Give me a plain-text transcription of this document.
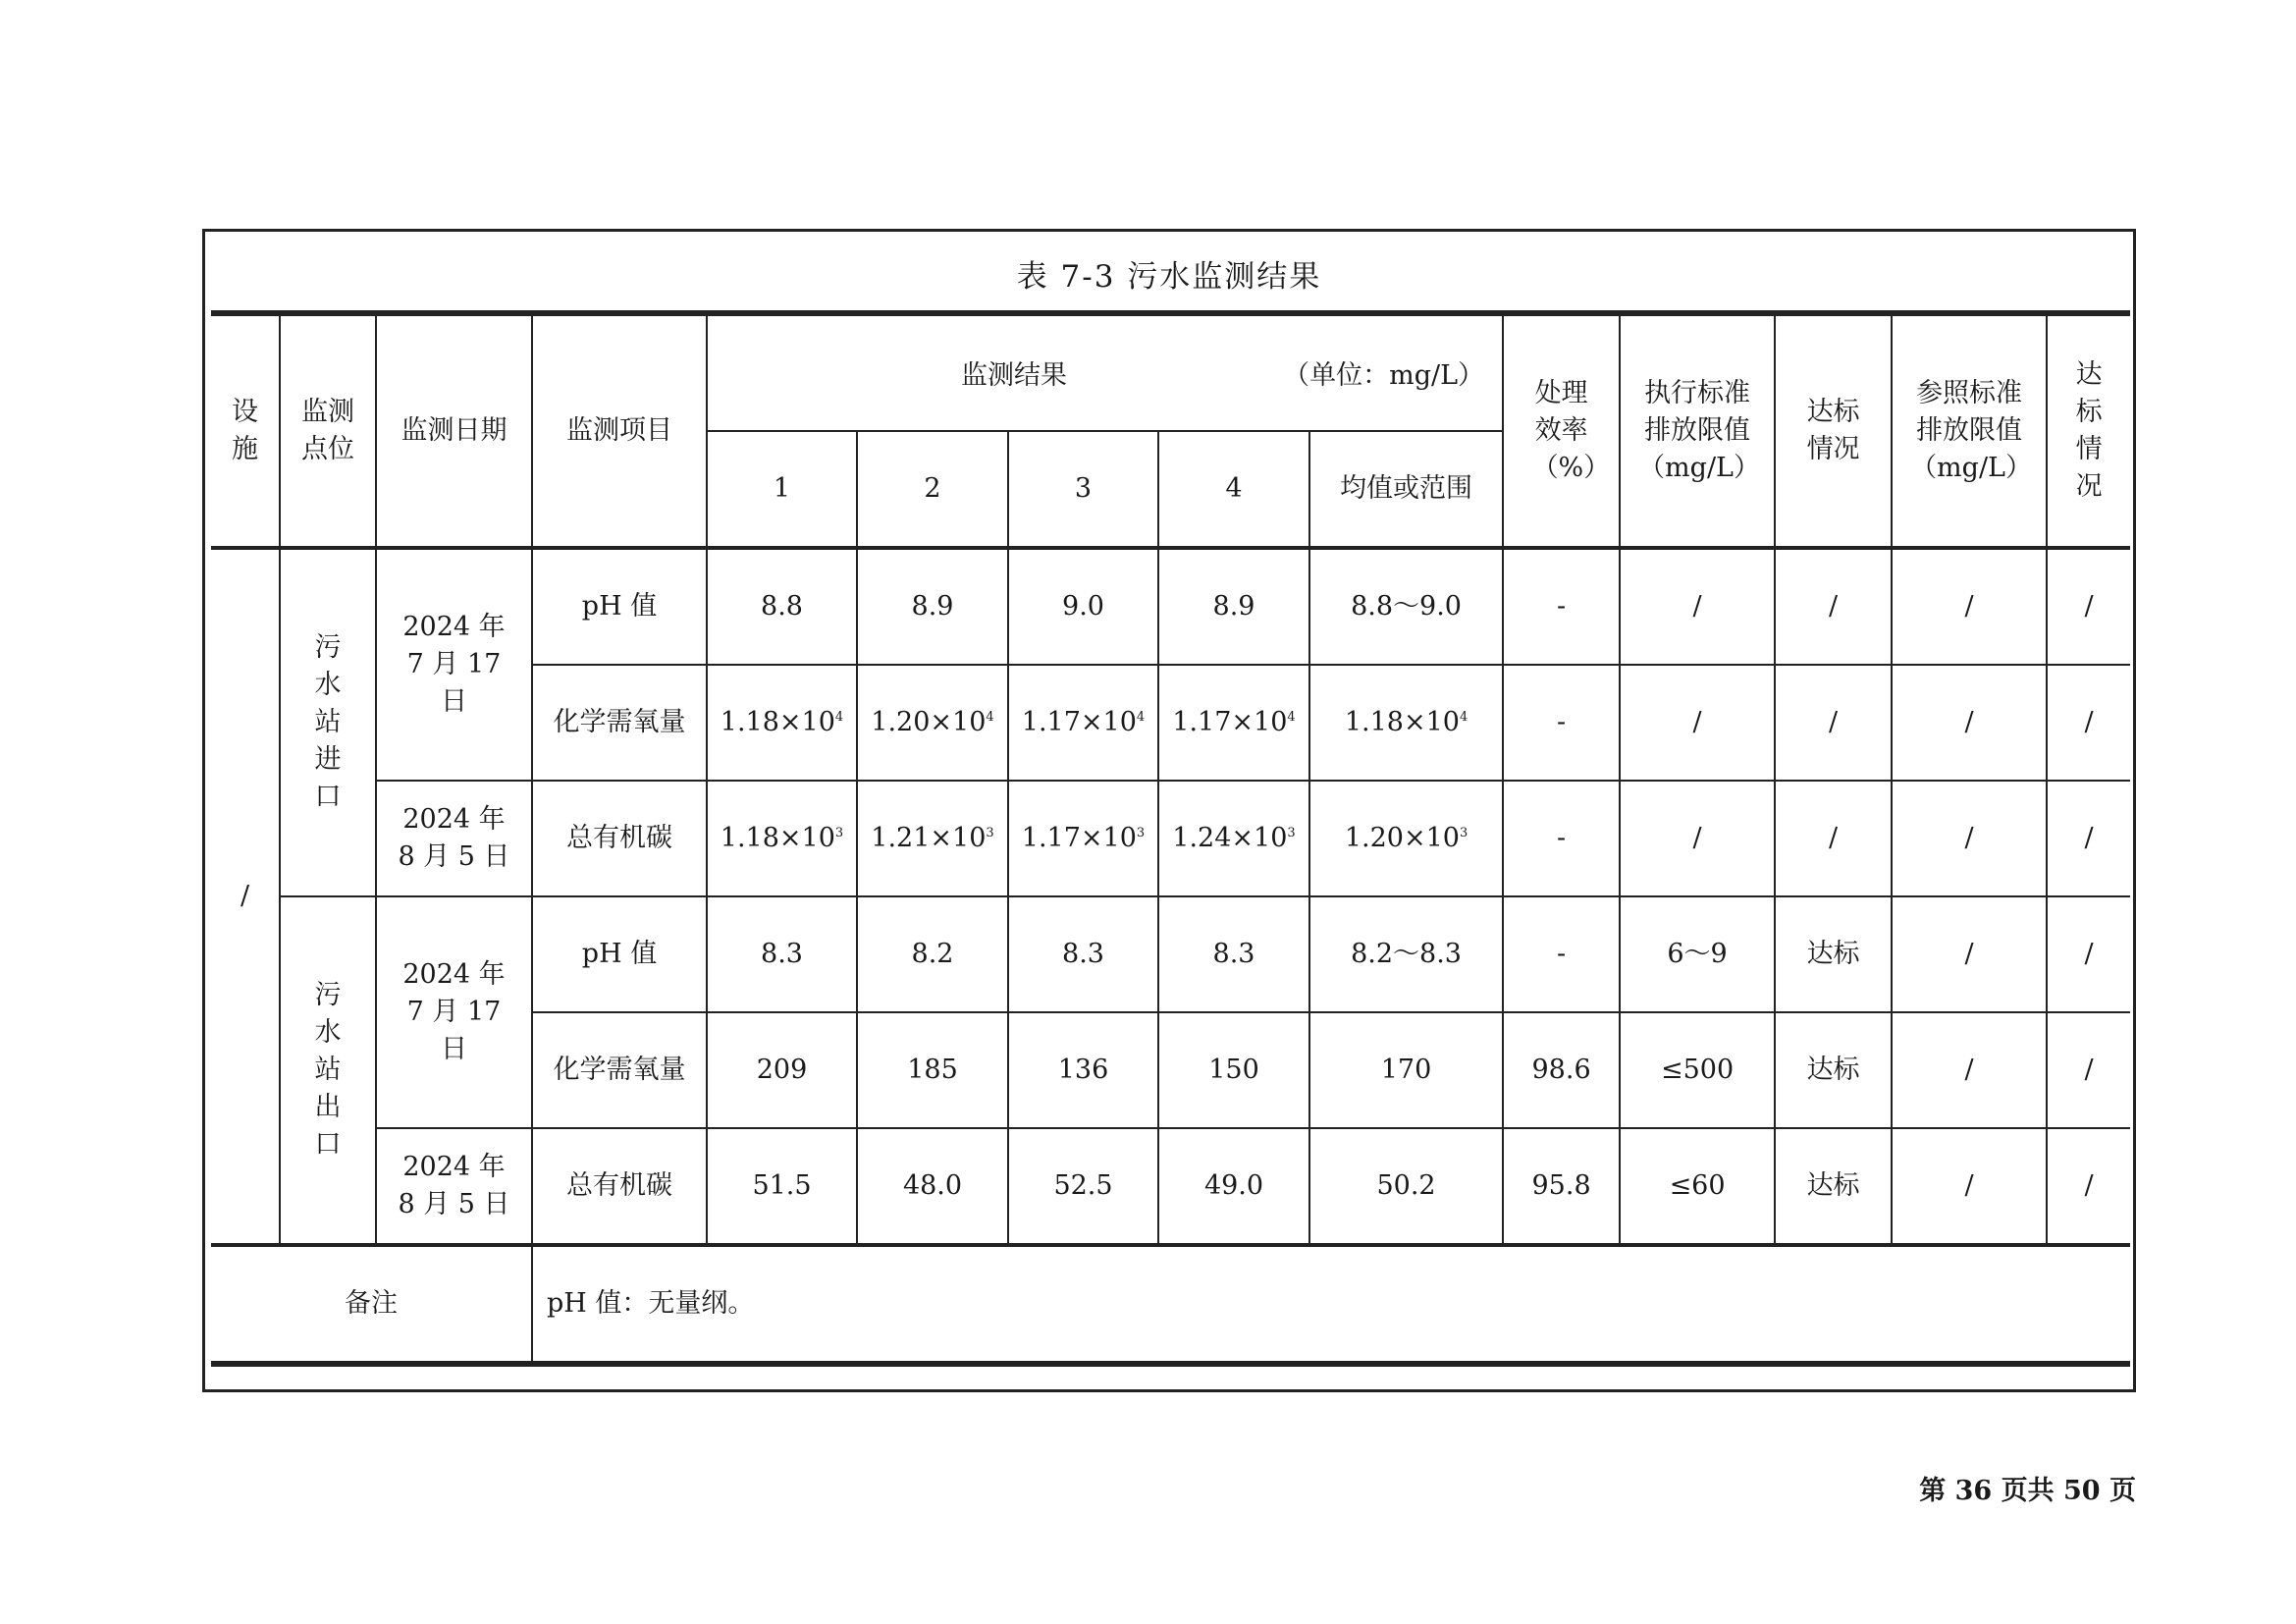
表 7-3 污水监测结果
设施	监测点位	监测日期	监测项目	监测结果 （单位：mg/L）					处理效率（%）	执行标准排放限值（mg/L）	达标情况	参照标准排放限值（mg/L）	达标情况
				1	2	3	4	均值或范围					
/	污水站进口	2024 年 7 月 17 日	pH 值	8.8	8.9	9.0	8.9	8.8～9.0	-	/	/	/	/
			化学需氧量	$1.18\times 10^4$	$1.20\times 10^4$	$1.17\times 10^4$	$1.17\times 10^4$	$1.18\times 10^4$	-	/	/	/	/
		2024 年 8 月 5 日	总有机碳	$1.18\times 10^3$	$1.21\times 10^3$	$1.17\times 10^3$	$1.24\times 10^3$	$1.20\times 10^3$	-	/	/	/	/
	污水站出口	2024 年 7 月 17 日	pH 值	8.3	8.2	8.3	8.3	8.2～8.3	-	6～9	达标	/	/
			化学需氧量	209	185	136	150	170	98.6	≤500	达标	/	/
		2024 年 8 月 5 日	总有机碳	51.5	48.0	52.5	49.0	50.2	95.8	≤60	达标	/	/
备注			pH 值：无量纲。										
第 36 页共 50 页
